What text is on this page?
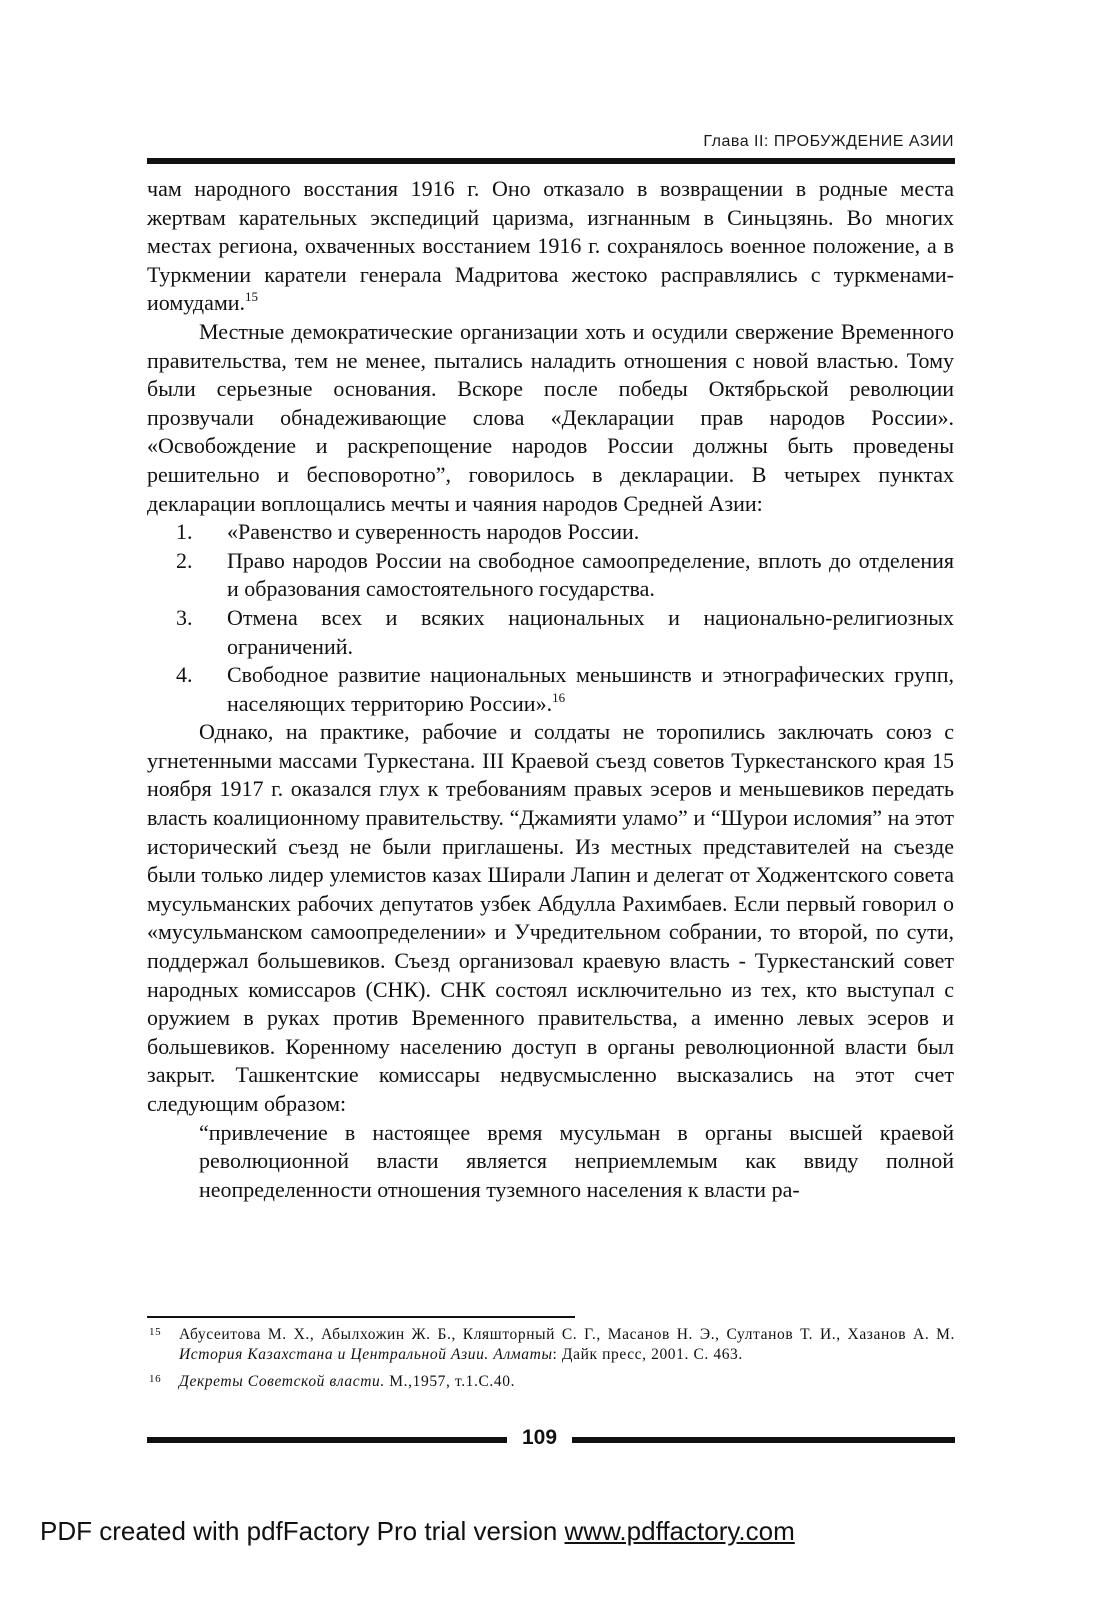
Глава II: ПРОБУЖДЕНИЕ АЗИИ

чам народного восстания 1916 г. Оно отказало в возвращении в родные места жертвам карательных экспедиций царизма, изгнанным в Синьцзянь. Во многих местах региона, охваченных восстанием 1916 г. сохранялось военное положение, а в Туркмении каратели генерала Мадритова жестоко расправлялись с туркменами-иомудами.$^{15}$

Местные демократические организации хоть и осудили свержение Временного правительства, тем не менее, пытались наладить отношения с новой властью. Тому были серьезные основания. Вскоре после победы Октябрьской революции прозвучали обнадеживающие слова «Декларации прав народов России». «Освобождение и раскрепощение народов России должны быть проведены решительно и бесповоротно”, говорилось в декларации. В четырех пунктах декларации воплощались мечты и чаяния народов Средней Азии:

1.	«Равенство и суверенность народов России.
2.	Право народов России на свободное самоопределение, вплоть до отделения и образования самостоятельного государства.
3.	Отмена всех и всяких национальных и национально-религиозных ограничений.
4.	Свободное развитие национальных меньшинств и этнографических групп, населяющих территорию России».$^{16}$

Однако, на практике, рабочие и солдаты не торопились заключать союз с угнетенными массами Туркестана. III Краевой съезд советов Туркестанского края 15 ноября 1917 г. оказался глух к требованиям правых эсеров и меньшевиков передать власть коалиционному правительству. “Джамияти уламо” и “Шурои исломия” на этот исторический съезд не были приглашены. Из местных представителей на съезде были только лидер улемистов казах Ширали Лапин и делегат от Ходжентского совета мусульманских рабочих депутатов узбек Абдулла Рахимбаев. Если первый говорил о «мусульманском самоопределении» и Учредительном собрании, то второй, по сути, поддержал большевиков. Съезд организовал краевую власть - Туркестанский совет народных комиссаров (СНК). СНК состоял исключительно из тех, кто выступал с оружием в руках против Временного правительства, а именно левых эсеров и большевиков. Коренному населению доступ в органы революционной власти был закрыт. Ташкентские комиссары недвусмысленно высказались на этот счет следующим образом:

“привлечение в настоящее время мусульман в органы высшей краевой революционной власти является неприемлемым как ввиду полной неопределенности отношения туземного населения к власти ра-

15	Абусеитова М. Х., Абылхожин Ж. Б., Кляшторный С. Г., Масанов Н. Э., Султанов Т. И., Хазанов А. М. История Казахстана и Центральной Азии. Алматы: Дайк пресс, 2001. С. 463.
16	Декреты Советской власти. М.,1957, т.1.С.40.
109
PDF created with pdfFactory Pro trial version www.pdffactory.com
